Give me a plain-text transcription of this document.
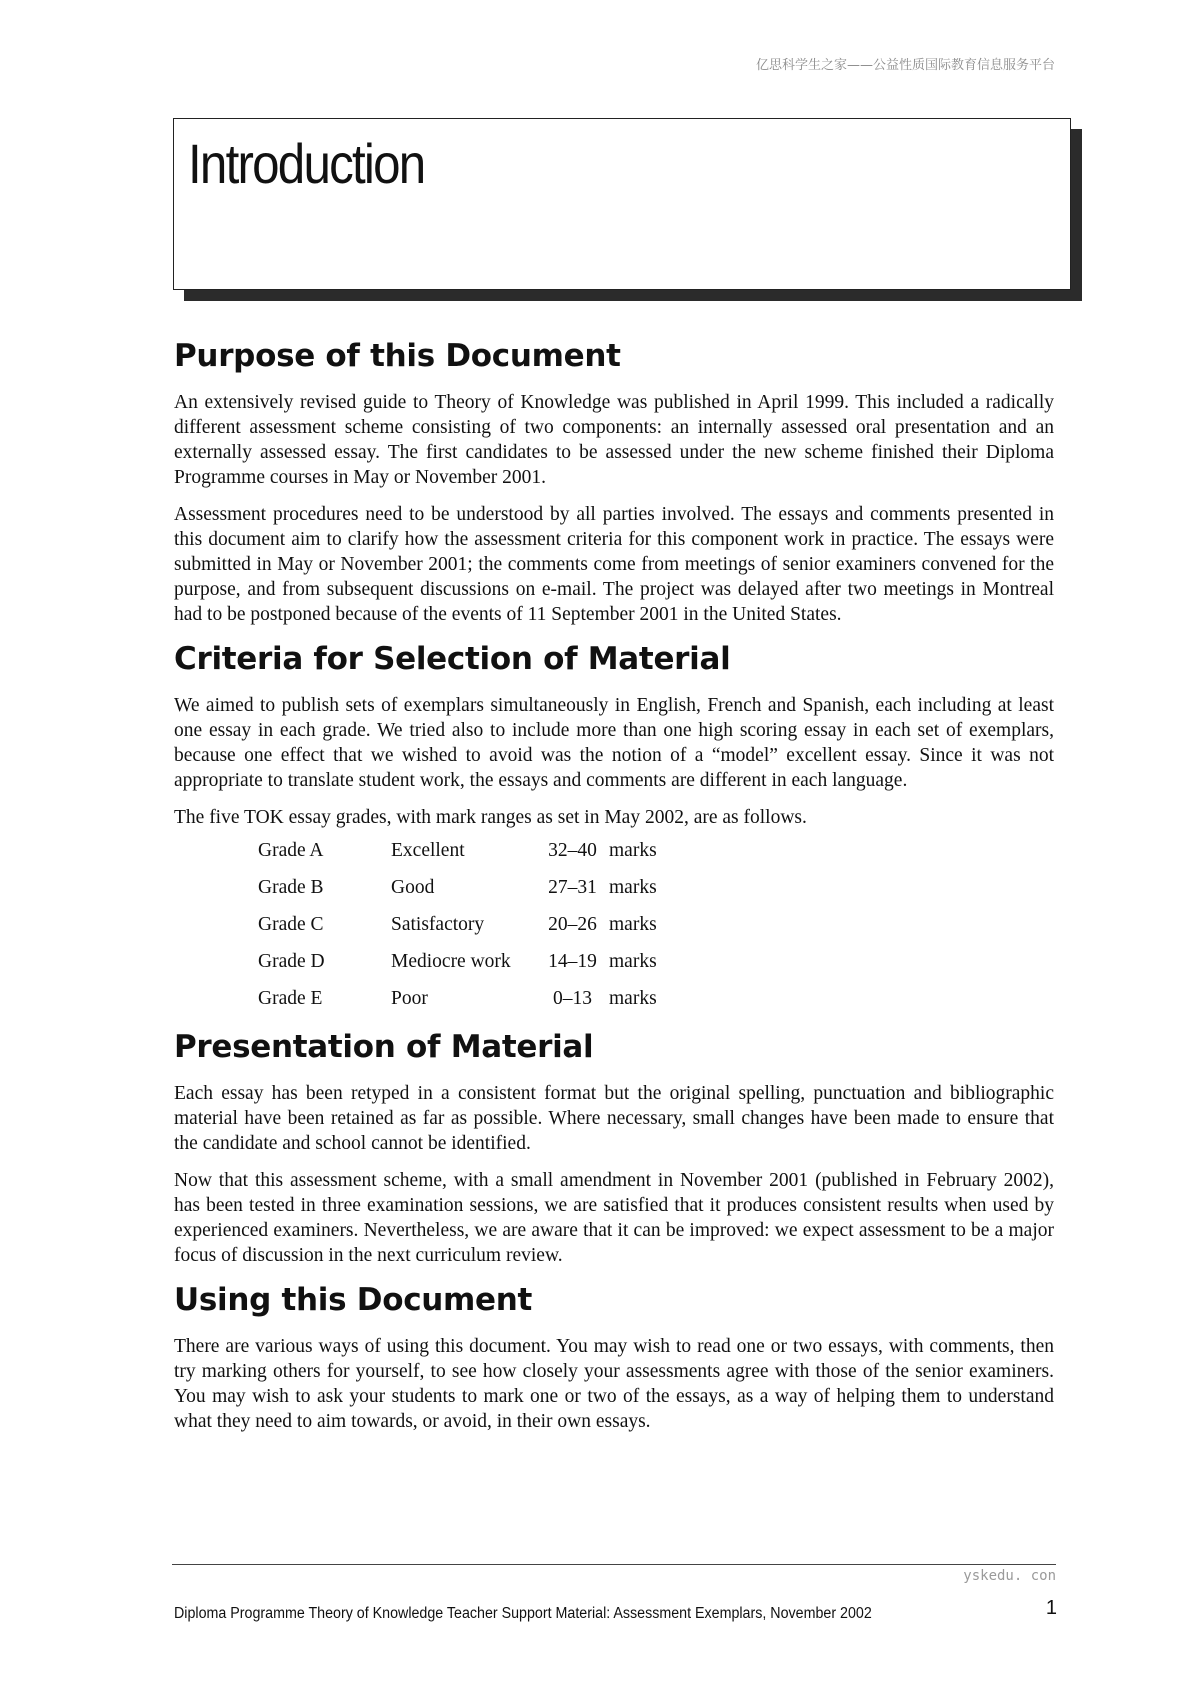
亿思科学生之家——公益性质国际教育信息服务平台
Introduction
Purpose of this Document

An extensively revised guide to Theory of Knowledge was published in April 1999. This included a radically different assessment scheme consisting of two components: an internally assessed oral presentation and an externally assessed essay. The first candidates to be assessed under the new scheme finished their Diploma Programme courses in May or November 2001.

Assessment procedures need to be understood by all parties involved. The essays and comments presented in this document aim to clarify how the assessment criteria for this component work in practice. The essays were submitted in May or November 2001; the comments come from meetings of senior examiners convened for the purpose, and from subsequent discussions on e-mail. The project was delayed after two meetings in Montreal had to be postponed because of the events of 11 September 2001 in the United States.

Criteria for Selection of Material

We aimed to publish sets of exemplars simultaneously in English, French and Spanish, each including at least one essay in each grade. We tried also to include more than one high scoring essay in each set of exemplars, because one effect that we wished to avoid was the notion of a “model” excellent essay. Since it was not appropriate to translate student work, the essays and comments are different in each language.

The five TOK essay grades, with mark ranges as set in May 2002, are as follows.

Grade A	Excellent	32–40	marks
Grade B	Good	27–31	marks
Grade C	Satisfactory	20–26	marks
Grade D	Mediocre work	14–19	marks
Grade E	Poor	0–13	marks
Presentation of Material

Each essay has been retyped in a consistent format but the original spelling, punctuation and bibliographic material have been retained as far as possible. Where necessary, small changes have been made to ensure that the candidate and school cannot be identified.

Now that this assessment scheme, with a small amendment in November 2001 (published in February 2002), has been tested in three examination sessions, we are satisfied that it produces consistent results when used by experienced examiners. Nevertheless, we are aware that it can be improved: we expect assessment to be a major focus of discussion in the next curriculum review.

Using this Document

There are various ways of using this document. You may wish to read one or two essays, with comments, then try marking others for yourself, to see how closely your assessments agree with those of the senior examiners. You may wish to ask your students to mark one or two of the essays, as a way of helping them to understand what they need to aim towards, or avoid, in their own essays.

yskedu. con
Diploma Programme Theory of Knowledge Teacher Support Material: Assessment Exemplars, November 2002	1
